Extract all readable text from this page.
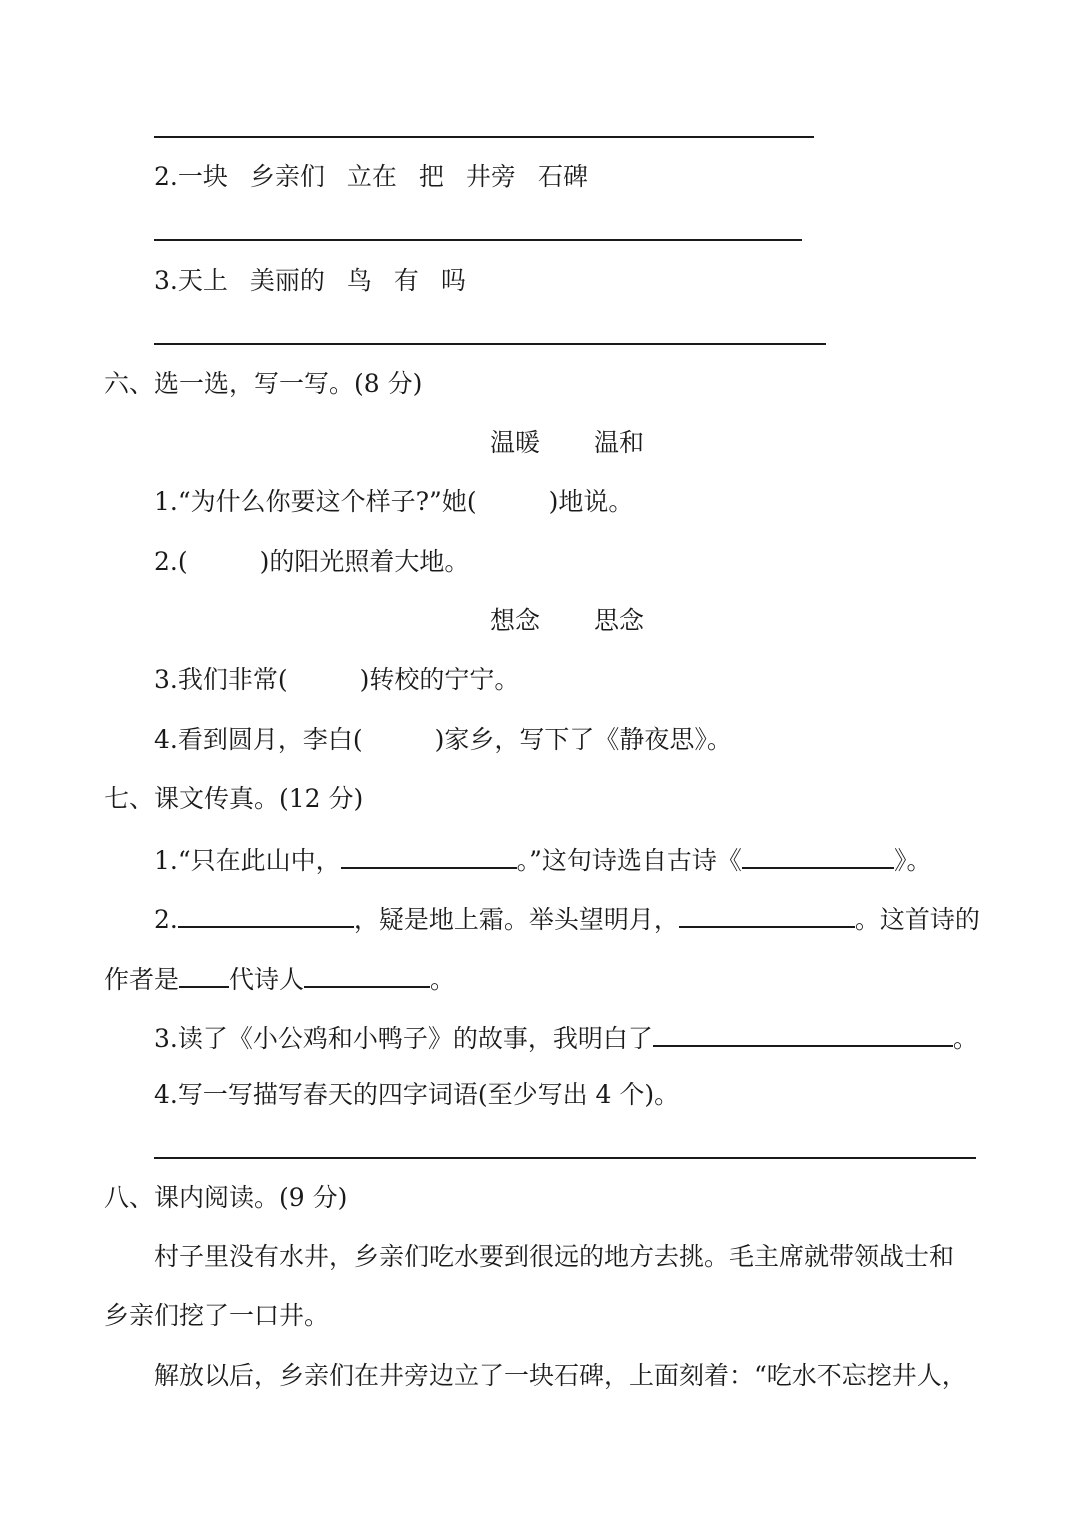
2.一块 乡亲们 立在 把 井旁 石碑
3.天上 美丽的 鸟 有 吗
六、选一选，写一写。(8 分)
温暖 温和
1.“为什么你要这个样子?”她(	)地说。
2.(	)的阳光照着大地。
想念 思念
3.我们非常(	)转校的宁宁。
4.看到圆月，李白(	)家乡，写下了《静夜思》。
七、课文传真。(12 分)
1.“只在此山中，	。”这句诗选自古诗《	》。
2.	，疑是地上霜。举头望明月，	。这首诗的
作者是 代诗人	。
3.读了《小公鸡和小鸭子》的故事，我明白了	。
4.写一写描写春天的四字词语(至少写出 4 个)。
八、课内阅读。(9 分)
村子里没有水井，乡亲们吃水要到很远的地方去挑。毛主席就带领战士和
乡亲们挖了一口井。
解放以后，乡亲们在井旁边立了一块石碑，上面刻着：“吃水不忘挖井人，
